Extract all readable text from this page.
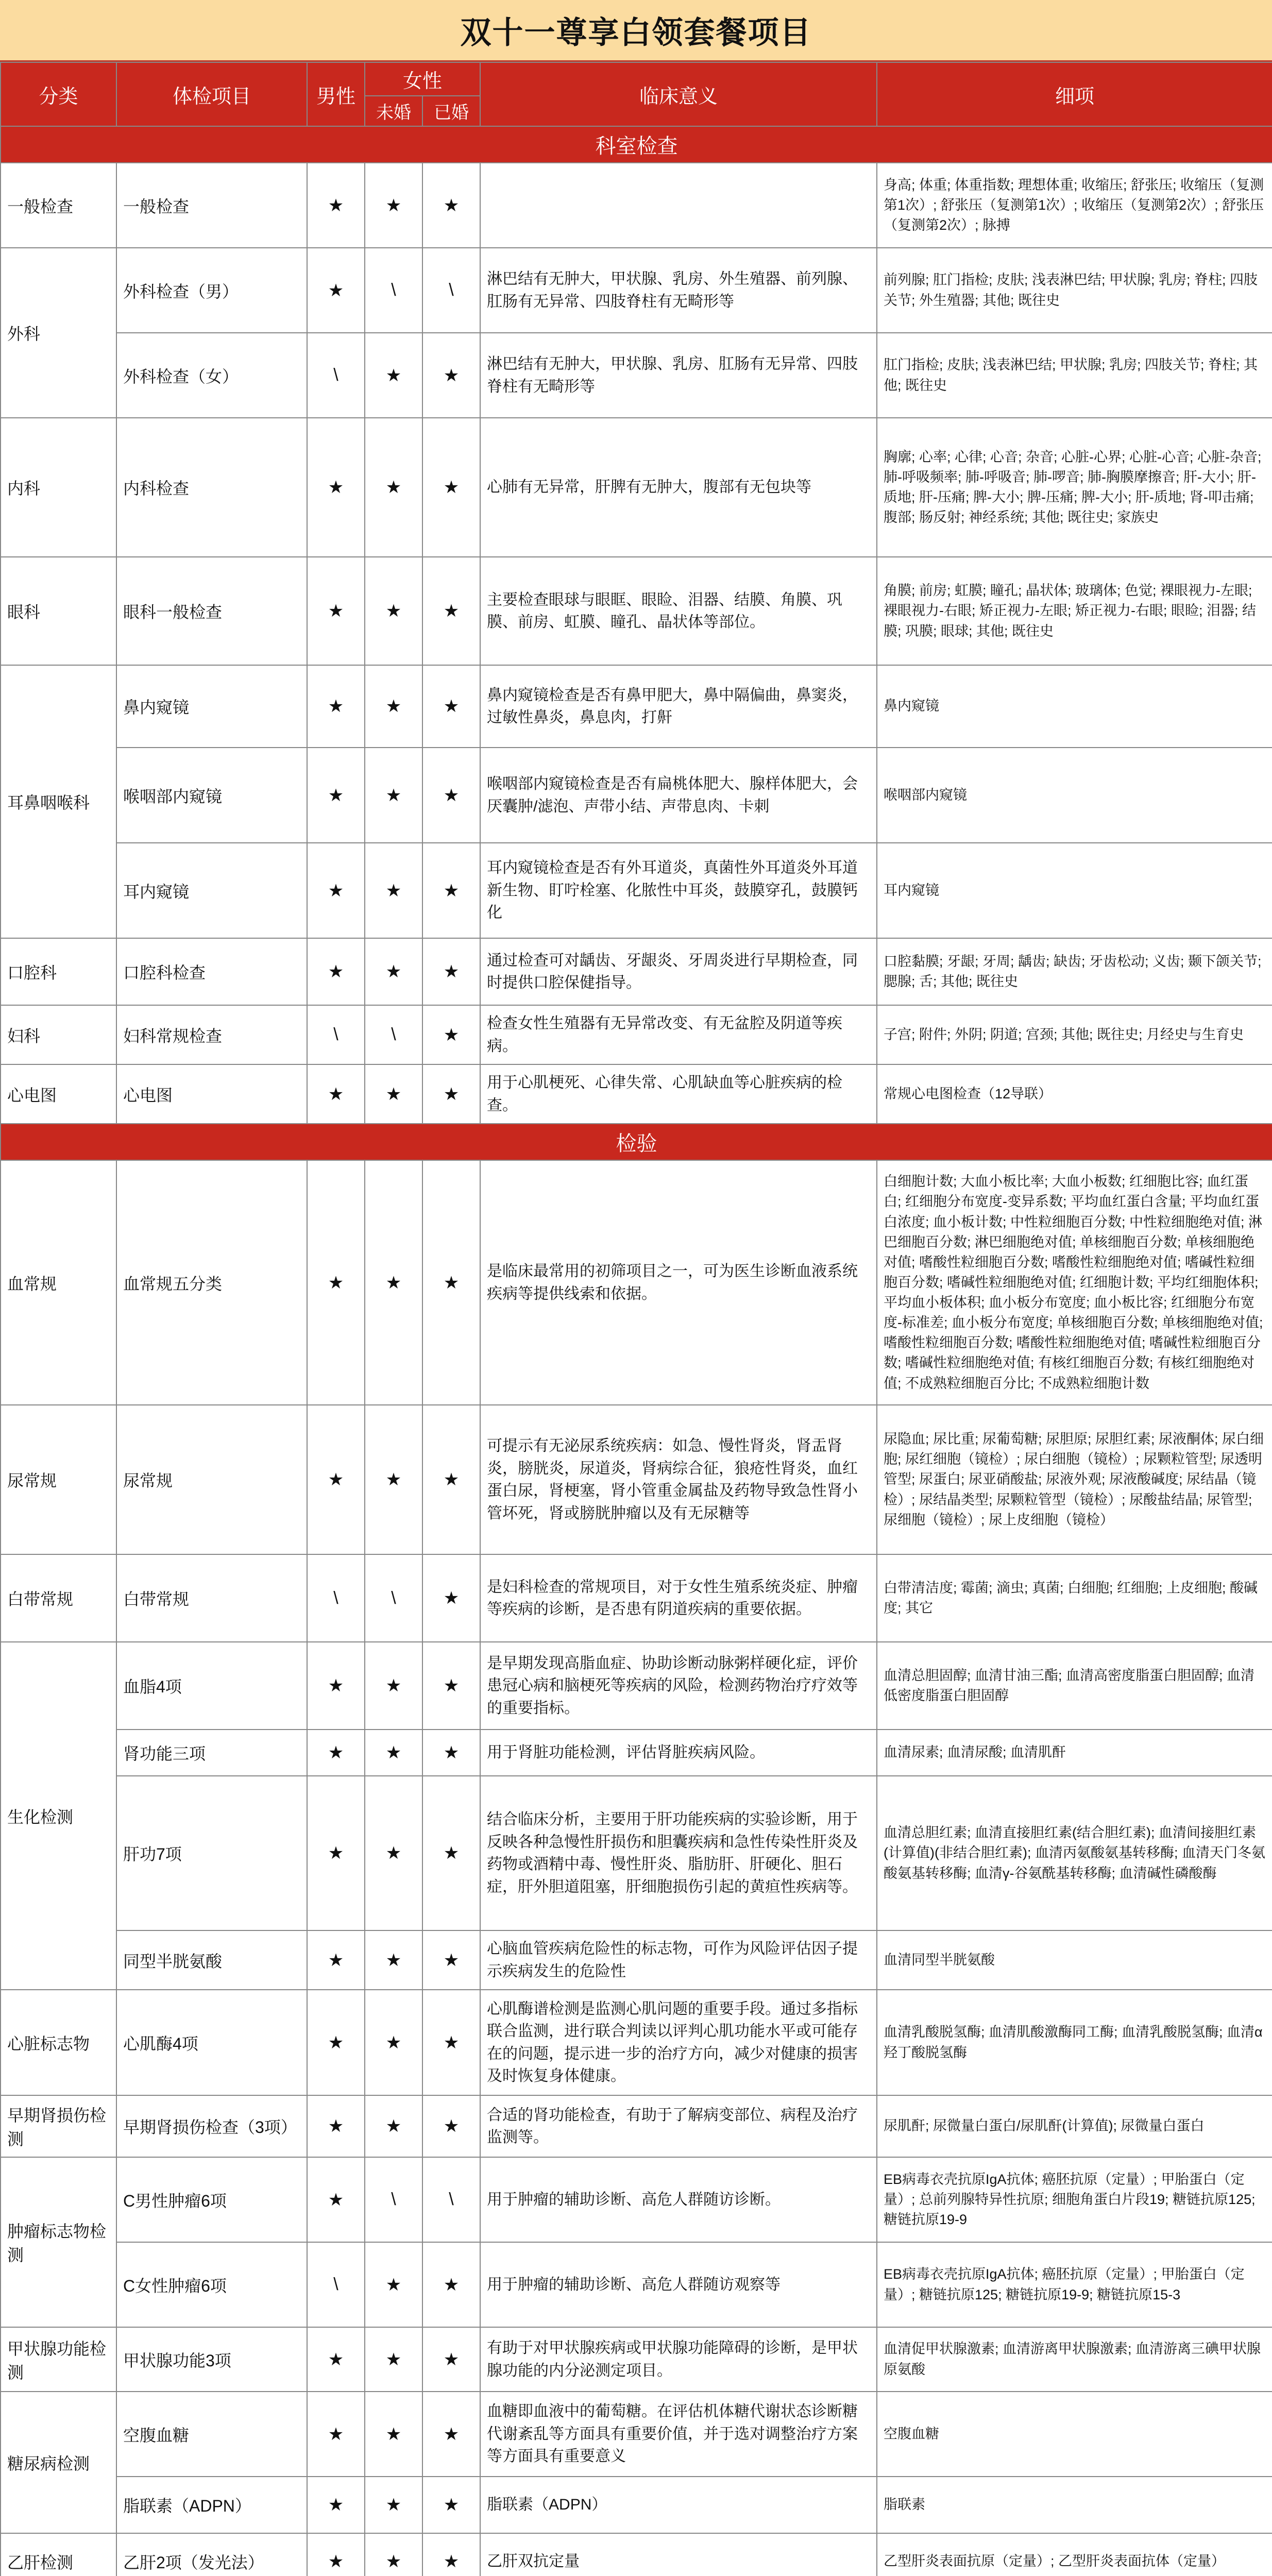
双十一尊享白领套餐项目
分类	体检项目	男性	女性		临床意义	细项
			未婚	已婚		
科室检查						
一般检查	一般检查	★	★	★		身高; 体重; 体重指数; 理想体重; 收缩压; 舒张压; 收缩压（复测第1次）; 舒张压（复测第1次）; 收缩压（复测第2次）; 舒张压（复测第2次）; 脉搏
外科	外科检查（男）	★	\	\	淋巴结有无肿大，甲状腺、乳房、外生殖器、前列腺、肛肠有无异常、四肢脊柱有无畸形等	前列腺; 肛门指检; 皮肤; 浅表淋巴结; 甲状腺; 乳房; 脊柱; 四肢关节; 外生殖器; 其他; 既往史
	外科检查（女）	\	★	★	淋巴结有无肿大，甲状腺、乳房、肛肠有无异常、四肢脊柱有无畸形等	肛门指检; 皮肤; 浅表淋巴结; 甲状腺; 乳房; 四肢关节; 脊柱; 其他; 既往史
内科	内科检查	★	★	★	心肺有无异常，肝脾有无肿大，腹部有无包块等	胸廓; 心率; 心律; 心音; 杂音; 心脏-心界; 心脏-心音; 心脏-杂音; 肺-呼吸频率; 肺-呼吸音; 肺-啰音; 肺-胸膜摩擦音; 肝-大小; 肝-质地; 肝-压痛; 脾-大小; 脾-压痛; 脾-大小; 肝-质地; 肾-叩击痛; 腹部; 肠反射; 神经系统; 其他; 既往史; 家族史
眼科	眼科一般检查	★	★	★	主要检查眼球与眼眶、眼睑、泪器、结膜、角膜、巩膜、前房、虹膜、瞳孔、晶状体等部位。	角膜; 前房; 虹膜; 瞳孔; 晶状体; 玻璃体; 色觉; 裸眼视力-左眼; 裸眼视力-右眼; 矫正视力-左眼; 矫正视力-右眼; 眼睑; 泪器; 结膜; 巩膜; 眼球; 其他; 既往史
耳鼻咽喉科	鼻内窥镜	★	★	★	鼻内窥镜检查是否有鼻甲肥大，鼻中隔偏曲，鼻窦炎，过敏性鼻炎，鼻息肉，打鼾	鼻内窥镜
	喉咽部内窥镜	★	★	★	喉咽部内窥镜检查是否有扁桃体肥大、腺样体肥大，会厌囊肿/滤泡、声带小结、声带息肉、卡刺	喉咽部内窥镜
	耳内窥镜	★	★	★	耳内窥镜检查是否有外耳道炎，真菌性外耳道炎外耳道新生物、盯咛栓塞、化脓性中耳炎，鼓膜穿孔，鼓膜钙化	耳内窥镜
口腔科	口腔科检查	★	★	★	通过检查可对龋齿、牙龈炎、牙周炎进行早期检查，同时提供口腔保健指导。	口腔黏膜; 牙龈; 牙周; 龋齿; 缺齿; 牙齿松动; 义齿; 颞下颌关节; 腮腺; 舌; 其他; 既往史
妇科	妇科常规检查	\	\	★	检查女性生殖器有无异常改变、有无盆腔及阴道等疾病。	子宫; 附件; 外阴; 阴道; 宫颈; 其他; 既往史; 月经史与生育史
心电图	心电图	★	★	★	用于心肌梗死、心律失常、心肌缺血等心脏疾病的检查。	常规心电图检查（12导联）
检验						
血常规	血常规五分类	★	★	★	是临床最常用的初筛项目之一，可为医生诊断血液系统疾病等提供线索和依据。	白细胞计数; 大血小板比率; 大血小板数; 红细胞比容; 血红蛋白; 红细胞分布宽度-变异系数; 平均血红蛋白含量; 平均血红蛋白浓度; 血小板计数; 中性粒细胞百分数; 中性粒细胞绝对值; 淋巴细胞百分数; 淋巴细胞绝对值; 单核细胞百分数; 单核细胞绝对值; 嗜酸性粒细胞百分数; 嗜酸性粒细胞绝对值; 嗜碱性粒细胞百分数; 嗜碱性粒细胞绝对值; 红细胞计数; 平均红细胞体积; 平均血小板体积; 血小板分布宽度; 血小板比容; 红细胞分布宽度-标准差; 血小板分布宽度; 单核细胞百分数; 单核细胞绝对值; 嗜酸性粒细胞百分数; 嗜酸性粒细胞绝对值; 嗜碱性粒细胞百分数; 嗜碱性粒细胞绝对值; 有核红细胞百分数; 有核红细胞绝对值; 不成熟粒细胞百分比; 不成熟粒细胞计数
尿常规	尿常规	★	★	★	可提示有无泌尿系统疾病：如急、慢性肾炎，肾盂肾炎，膀胱炎，尿道炎，肾病综合征，狼疮性肾炎，血红蛋白尿，肾梗塞，肾小管重金属盐及药物导致急性肾小管坏死，肾或膀胱肿瘤以及有无尿糖等	尿隐血; 尿比重; 尿葡萄糖; 尿胆原; 尿胆红素; 尿液酮体; 尿白细胞; 尿红细胞（镜检）; 尿白细胞（镜检）; 尿颗粒管型; 尿透明管型; 尿蛋白; 尿亚硝酸盐; 尿液外观; 尿液酸碱度; 尿结晶（镜检）; 尿结晶类型; 尿颗粒管型（镜检）; 尿酸盐结晶; 尿管型; 尿细胞（镜检）; 尿上皮细胞（镜检）
白带常规	白带常规	\	\	★	是妇科检查的常规项目，对于女性生殖系统炎症、肿瘤等疾病的诊断，是否患有阴道疾病的重要依据。	白带清洁度; 霉菌; 滴虫; 真菌; 白细胞; 红细胞; 上皮细胞; 酸碱度; 其它
生化检测	血脂4项	★	★	★	是早期发现高脂血症、协助诊断动脉粥样硬化症，评价患冠心病和脑梗死等疾病的风险，检测药物治疗疗效等的重要指标。	血清总胆固醇; 血清甘油三酯; 血清高密度脂蛋白胆固醇; 血清低密度脂蛋白胆固醇
	肾功能三项	★	★	★	用于肾脏功能检测，评估肾脏疾病风险。	血清尿素; 血清尿酸; 血清肌酐
	肝功7项	★	★	★	结合临床分析，主要用于肝功能疾病的实验诊断，用于反映各种急慢性肝损伤和胆囊疾病和急性传染性肝炎及药物或酒精中毒、慢性肝炎、脂肪肝、肝硬化、胆石症，肝外胆道阻塞，肝细胞损伤引起的黄疸性疾病等。	血清总胆红素; 血清直接胆红素(结合胆红素); 血清间接胆红素(计算值)(非结合胆红素); 血清丙氨酸氨基转移酶; 血清天门冬氨酸氨基转移酶; 血清γ-谷氨酰基转移酶; 血清碱性磷酸酶
	同型半胱氨酸	★	★	★	心脑血管疾病危险性的标志物，可作为风险评估因子提示疾病发生的危险性	血清同型半胱氨酸
心脏标志物	心肌酶4项	★	★	★	心肌酶谱检测是监测心肌问题的重要手段。通过多指标联合监测，进行联合判读以评判心肌功能水平或可能存在的问题，提示进一步的治疗方向，减少对健康的损害及时恢复身体健康。	血清乳酸脱氢酶; 血清肌酸激酶同工酶; 血清乳酸脱氢酶; 血清α羟丁酸脱氢酶
早期肾损伤检测	早期肾损伤检查（3项）	★	★	★	合适的肾功能检查，有助于了解病变部位、病程及治疗监测等。	尿肌酐; 尿微量白蛋白/尿肌酐(计算值); 尿微量白蛋白
肿瘤标志物检测	C男性肿瘤6项	★	\	\	用于肿瘤的辅助诊断、高危人群随访诊断。	EB病毒衣壳抗原IgA抗体; 癌胚抗原（定量）; 甲胎蛋白（定量）; 总前列腺特异性抗原; 细胞角蛋白片段19; 糖链抗原125; 糖链抗原19-9
	C女性肿瘤6项	\	★	★	用于肿瘤的辅助诊断、高危人群随访观察等	EB病毒衣壳抗原IgA抗体; 癌胚抗原（定量）; 甲胎蛋白（定量）; 糖链抗原125; 糖链抗原19-9; 糖链抗原15-3
甲状腺功能检测	甲状腺功能3项	★	★	★	有助于对甲状腺疾病或甲状腺功能障碍的诊断，是甲状腺功能的内分泌测定项目。	血清促甲状腺激素; 血清游离甲状腺激素; 血清游离三碘甲状腺原氨酸
糖尿病检测	空腹血糖	★	★	★	血糖即血液中的葡萄糖。在评估机体糖代谢状态诊断糖代谢紊乱等方面具有重要价值，并于选对调整治疗方案等方面具有重要意义	空腹血糖
	脂联素（ADPN）	★	★	★	脂联素（ADPN）	脂联素
乙肝检测	乙肝2项（发光法）	★	★	★	乙肝双抗定量	乙型肝炎表面抗原（定量）; 乙型肝炎表面抗体（定量）
